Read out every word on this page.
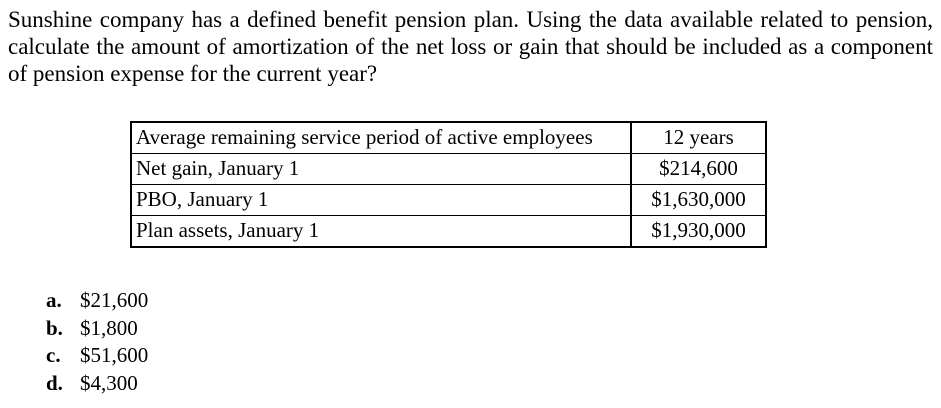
Sunshine company has a defined benefit pension plan. Using the data available related to pension, calculate the amount of amortization of the net loss or gain that should be included as a component of pension expense for the current year?

Average remaining service period of active employees	12 years
Net gain, January 1	$214,600
PBO, January 1	$1,630,000
Plan assets, January 1	$1,930,000
a. $21,600
b. $1,800
c. $51,600
d. $4,300
